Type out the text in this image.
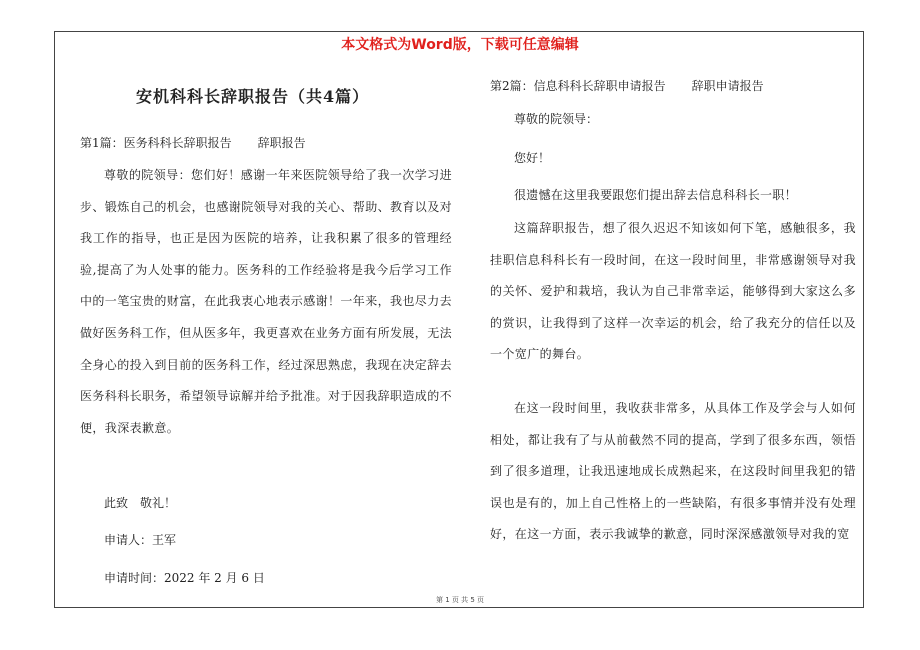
本文格式为Word版，下载可任意编辑
安机科科长辞职报告（共4篇）
第1篇：医务科科长辞职报告 辞职报告

尊敬的院领导：您们好！感谢一年来医院领导给了我一次学习进步、锻炼自己的机会，也感谢院领导对我的关心、帮助、教育以及对我工作的指导，也正是因为医院的培养，让我积累了很多的管理经验,提高了为人处事的能力。医务科的工作经验将是我今后学习工作中的一笔宝贵的财富，在此我衷心地表示感谢！一年来，我也尽力去做好医务科工作，但从医多年，我更喜欢在业务方面有所发展，无法全身心的投入到目前的医务科工作，经过深思熟虑，我现在决定辞去医务科科长职务，希望领导谅解并给予批准。对于因我辞职造成的不便，我深表歉意。

此致　敬礼！
申请人：王军
申请时间：2022 年 2 月 6 日
第2篇：信息科科长辞职申请报告 辞职申请报告
尊敬的院领导：
您好！
很遗憾在这里我要跟您们提出辞去信息科科长一职！

这篇辞职报告，想了很久迟迟不知该如何下笔，感触很多，我挂职信息科科长有一段时间，在这一段时间里，非常感谢领导对我的关怀、爱护和栽培，我认为自己非常幸运，能够得到大家这么多的赏识，让我得到了这样一次幸运的机会，给了我充分的信任以及一个宽广的舞台。

在这一段时间里，我收获非常多，从具体工作及学会与人如何相处，都让我有了与从前截然不同的提高，学到了很多东西，领悟到了很多道理，让我迅速地成长成熟起来，在这段时间里我犯的错误也是有的，加上自己性格上的一些缺陷，有很多事情并没有处理好，在这一方面，表示我诚挚的歉意，同时深深感激领导对我的宽

第 1 页 共 5 页
